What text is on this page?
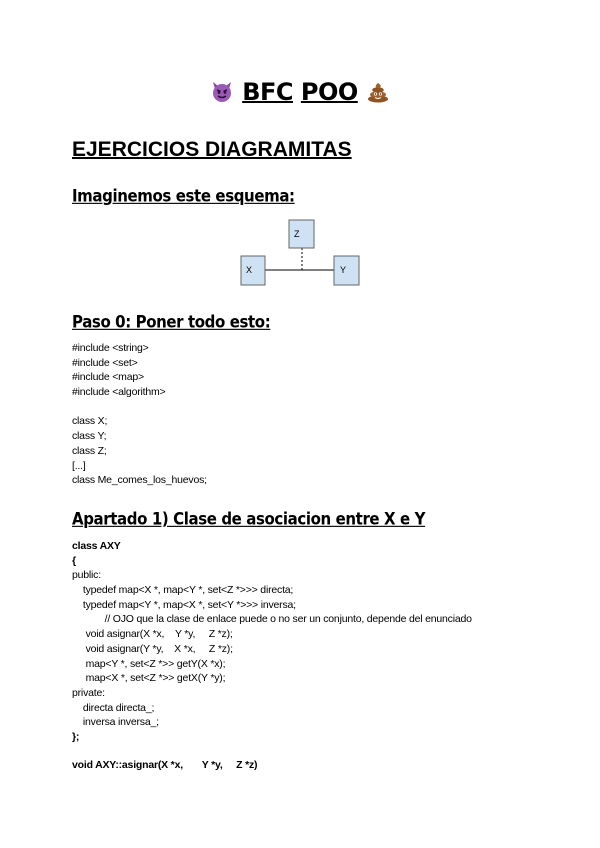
BFC POO
EJERCICIOS DIAGRAMITAS
Imaginemos este esquema:
Z
X	Y
Paso 0: Poner todo esto:
#include <string>
#include <set>
#include <map>
#include <algorithm>
class X;
class Y;
class Z;
[...]
class Me_comes_los_huevos;
Apartado 1) Clase de asociacion entre X e Y
class AXY
{
public:
typedef map<X *, map<Y *, set<Z *>>> directa;
typedef map<Y *, map<X *, set<Y *>>> inversa;
// OJO que la clase de enlace puede o no ser un conjunto, depende del enunciado
void asignar(X *x,    Y *y,     Z *z);
void asignar(Y *y,    X *x,     Z *z);
map<Y *, set<Z *>> getY(X *x);
map<X *, set<Z *>> getX(Y *y);
private:
directa directa_;
inversa inversa_;
};
void AXY::asignar(X *x,       Y *y,     Z *z)
